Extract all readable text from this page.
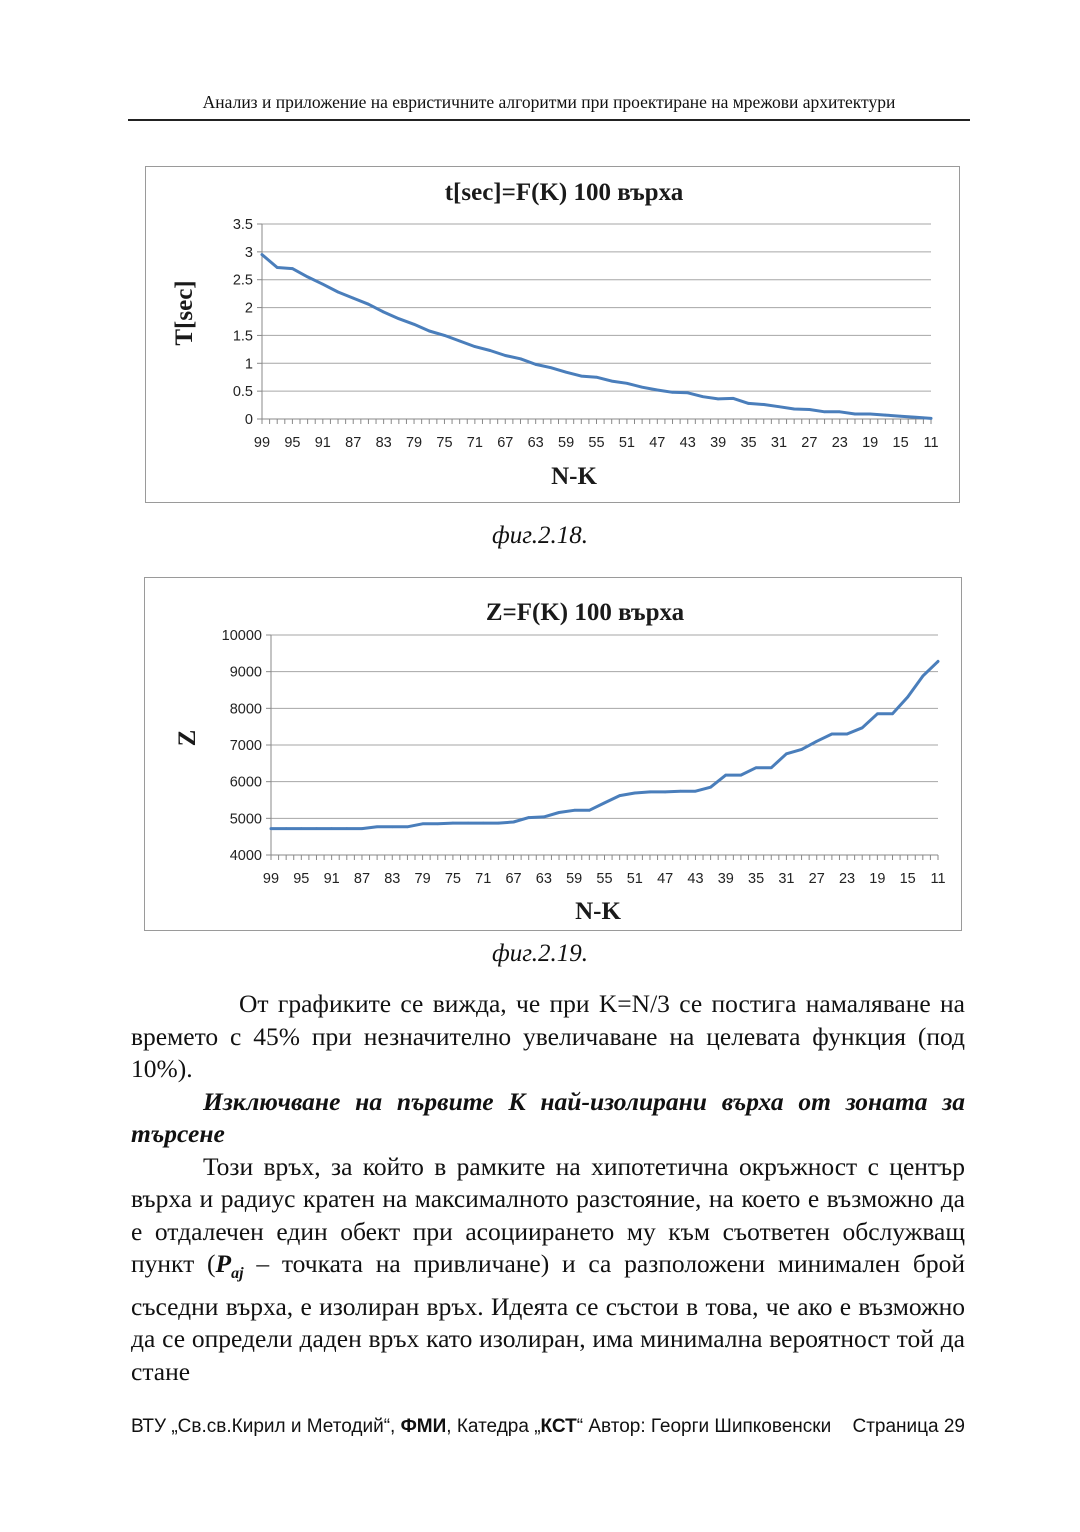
Анализ и приложение на евристичните алгоритми при проектиране на мрежови архитектури
t[sec]=F(K) 100 върха
0
0.5
1
1.5
2
2.5
3
3.5
99 95 91 87 83 79 75 71 67 63 59 55 51 47 43 39 35 31 27 23 19 15 11
N-K
T[sec]
фиг.2.18.
Z=F(K) 100 върха
4000
5000
6000
7000
8000
9000
10000
99 95 91 87 83 79 75 71 67 63 59 55 51 47 43 39 35 31 27 23 19 15 11
N-K
Z
фиг.2.19.

От графиките се вижда, че при K=N/3 се постига намаляване на времето с 45% при незначително увеличаване на целевата функция (под 10%).

Изключване на първите К най-изолирани върха от зоната за търсене

Този връх, за който в рамките на хипотетична окръжност с център върха и радиус кратен на максималното разстояние, на което е възможно да е отдалечен един обект при асоциирането му към съответен обслужващ пункт ($P_{aj}$ – точката на привличане) и са разположени минимален брой съседни върха, е изолиран връх. Идеята се състои в това, че ако е възможно да се определи даден връх като изолиран, има минимална вероятност той да стане

ВТУ „Св.св.Кирил и Методий“, ФМИ, Катедра „КСТ“ Автор: Георги Шипковенски Страница 29
